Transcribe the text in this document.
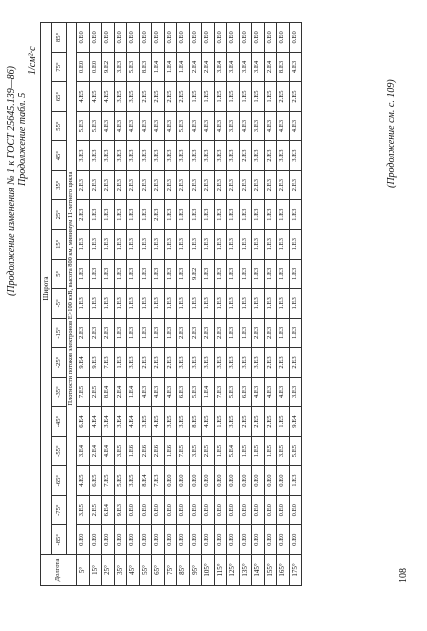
(Продолжение изменения № 1 к ГОСТ 25645.139—86) Продолжение табл. 5
1/см²·с
Долгота	Широта																	
	-85°	-75°	-65°	-55°	-45°	-35°	-25°	-15°	-5°	5°	15°	25°	35°	45°	55°	65°	75°	85°
	Плотности потоков электронов E>100 кэВ, высота 800 км, минимум 11-летнего цикла																	
5°	0.E0	3.E5	4.E5	3.E4	6.E4	7.E5	9.E4	2.E3	1.E3	1.E3	1.E3	2.E3	2.E3	3.E3	5.E3	4.E5	0.E0	0.E0
15°	0.E0	2.E5	6.E5	2.E4	4.E4	2.E5	9.E3	2.E3	1.E3	1.E3	1.E3	1.E3	2.E3	3.E3	5.E3	4.E5	0.E0	0.E0
25°	0.E0	6.E4	7.E5	4.E4	3.E4	8.E4	7.E3	2.E3	1.E3	1.E3	1.E3	1.E3	2.E3	3.E3	4.E3	4.E5	9.E2	0.E0
35°	0.E0	9.E3	5.E5	3.E5	3.E4	2.E4	1.E3	1.E3	1.E3	1.E3	1.E3	1.E3	2.E3	3.E3	4.E3	3.E5	3.E3	0.E0
45°	0.E0	0.E0	3.E5	1.E6	4.E4	1.E4	3.E3	1.E3	1.E3	1.E3	1.E3	1.E3	2.E3	3.E3	4.E3	3.E5	5.E3	0.E0
55°	0.E0	0.E0	8.E4	2.E6	3.E5	4.E3	2.E3	1.E3	1.E3	1.E3	1.E3	1.E3	2.E3	3.E3	4.E3	2.E5	8.E3	0.E0
65°	0.E0	0.E0	7.E3	2.E6	4.E5	4.E3	2.E3	1.E3	1.E3	1.E3	1.E3	2.E3	2.E3	3.E3	4.E3	2.E5	1.E4	0.E0
75°	0.E0	0.E0	0.E0	1.E6	3.E5	4.E3	2.E3	1.E3	1.E3	1.E3	1.E3	1.E3	2.E3	3.E3	4.E3	2.E5	1.E4	0.E0
85°	0.E0	0.E0	0.E0	7.E5	3.E5	6.E3	3.E3	2.E3	1.E3	1.E3	1.E3	1.E3	2.E3	3.E3	5.E3	2.E5	1.E4	0.E0
95°	0.E0	0.E0	0.E0	3.E5	8.E5	5.E3	3.E3	2.E3	1.E3	9.E2	1.E3	1.E3	2.E3	3.E3	4.E3	1.E5	2.E4	0.E0
105°	0.E0	0.E0	0.E0	2.E5	4.E5	1.E4	3.E3	2.E3	1.E3	1.E3	1.E3	1.E3	2.E3	3.E3	4.E3	1.E5	2.E4	0.E0
115°	0.E0	0.E0	0.E0	1.E5	1.E5	7.E3	3.E3	2.E3	1.E3	1.E3	1.E3	1.E3	2.E3	3.E3	4.E3	1.E5	3.E4	0.E0
125°	0.E0	0.E0	0.E0	5.E4	3.E5	5.E3	3.E3	1.E3	1.E3	1.E3	1.E3	1.E3	2.E3	3.E3	3.E3	1.E5	3.E4	0.E0
135°	0.E0	0.E0	0.E0	1.E5	2.E5	6.E3	3.E3	1.E3	1.E3	1.E3	1.E3	1.E3	2.E3	2.E3	4.E3	1.E5	3.E4	0.E0
145°	0.E0	0.E0	0.E0	1.E5	2.E5	4.E3	3.E3	2.E3	1.E3	1.E3	1.E3	1.E3	2.E3	3.E3	3.E3	1.E5	3.E4	0.E0
155°	0.E0	0.E0	0.E0	1.E5	2.E5	4.E3	2.E3	2.E3	1.E3	1.E3	1.E3	1.E3	2.E3	2.E3	4.E3	1.E5	2.E4	0.E0
165°	0.E0	0.E0	0.E0	3.E5	1.E5	4.E3	2.E3	1.E3	1.E3	1.E3	1.E3	1.E3	2.E3	3.E3	4.E3	2.E5	8.E3	0.E0
175°	0.E0	0.E0	1.E3	5.E5	9.E4	3.E3	2.E3	1.E3	1.E3	1.E3	1.E3	1.E3	2.E3	3.E3	4.E3	2.E5	4.E3	0.E0
108
(Продолжение см. с. 109)
